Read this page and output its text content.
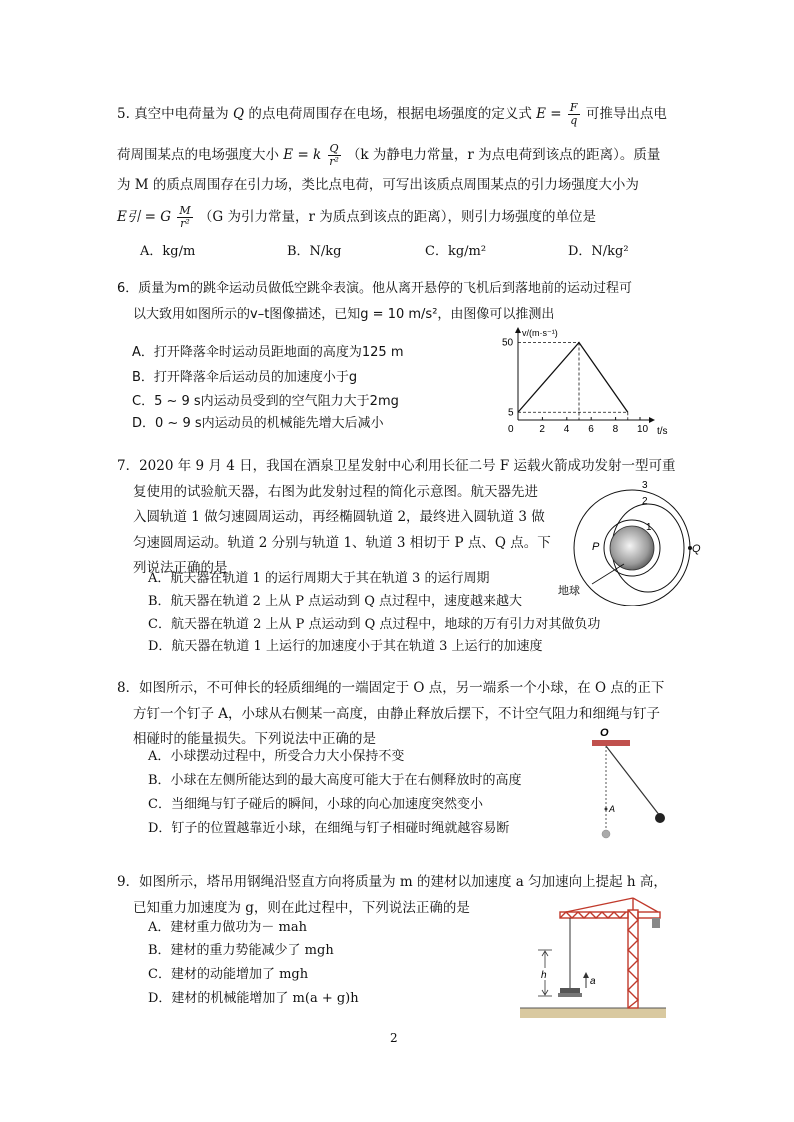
5. 真空中电荷量为 Q 的点电荷周围存在电场，根据电场强度的定义式 $E = \frac{F}{q}$ 可推导出点电

荷周围某点的电场强度大小 E = k $\frac{Q}{\text{r²}} (k$ 为静电力常量，r 为点电荷到该点的距离）。质量

为 M 的质点周围存在引力场，类比点电荷，可写出该质点周围某点的引力场强度大小为

E引 = G $\frac{M}{\text{r²}} (G$ 为引力常量，r 为质点到该点的距离），则引力场强度的单位是

A．kg/m	B．N/kg	C．kg/m²	D．N/kg²

6．质量为m的跳伞运动员做低空跳伞表演。他从离开悬停的飞机后到落地前的运动过程可

以大致用如图所示的v–t图像描述，已知g = 10 m/s²，由图像可以推测出

A．打开降落伞时运动员距地面的高度为125 m
B．打开降落伞后运动员的加速度小于g
C．5 ~ 9 s内运动员受到的空气阻力大于2mg
D．0 ~ 9 s内运动员的机械能先增大后减小
v/(m·s⁻¹)
t/s
0	2 4 6 8 10
5
50

7．2020 年 9 月 4 日，我国在酒泉卫星发射中心利用长征二号 F 运载火箭成功发射一型可重

复使用的试验航天器，右图为此发射过程的简化示意图。航天器先进

入圆轨道 1 做匀速圆周运动，再经椭圆轨道 2，最终进入圆轨道 3 做

匀速圆周运动。轨道 2 分别与轨道 1、轨道 3 相切于 P 点、Q 点。下

列说法正确的是

A．航天器在轨道 1 的运行周期大于其在轨道 3 的运行周期
B．航天器在轨道 2 上从 P 点运动到 Q 点过程中，速度越来越大
C．航天器在轨道 2 上从 P 点运动到 Q 点过程中，地球的万有引力对其做负功
D．航天器在轨道 1 上运行的加速度小于其在轨道 3 上运行的加速度
3
2
1
P	Q
地球

8．如图所示，不可伸长的轻质细绳的一端固定于 O 点，另一端系一个小球，在 O 点的正下

方钉一个钉子 A，小球从右侧某一高度，由静止释放后摆下，不计空气阻力和细绳与钉子

相碰时的能量损失。下列说法中正确的是

A．小球摆动过程中，所受合力大小保持不变
B．小球在左侧所能达到的最大高度可能大于在右侧释放时的高度
C．当细绳与钉子碰后的瞬间，小球的向心加速度突然变小
D．钉子的位置越靠近小球，在细绳与钉子相碰时绳就越容易断
O
A

9．如图所示，塔吊用钢绳沿竖直方向将质量为 m 的建材以加速度 a 匀加速向上提起 h 高，

已知重力加速度为 g，则在此过程中，下列说法正确的是

A．建材重力做功为－ mah
B．建材的重力势能减少了 mgh
C．建材的动能增加了 mgh
D．建材的机械能增加了 m(a + g)h
h
a
2
